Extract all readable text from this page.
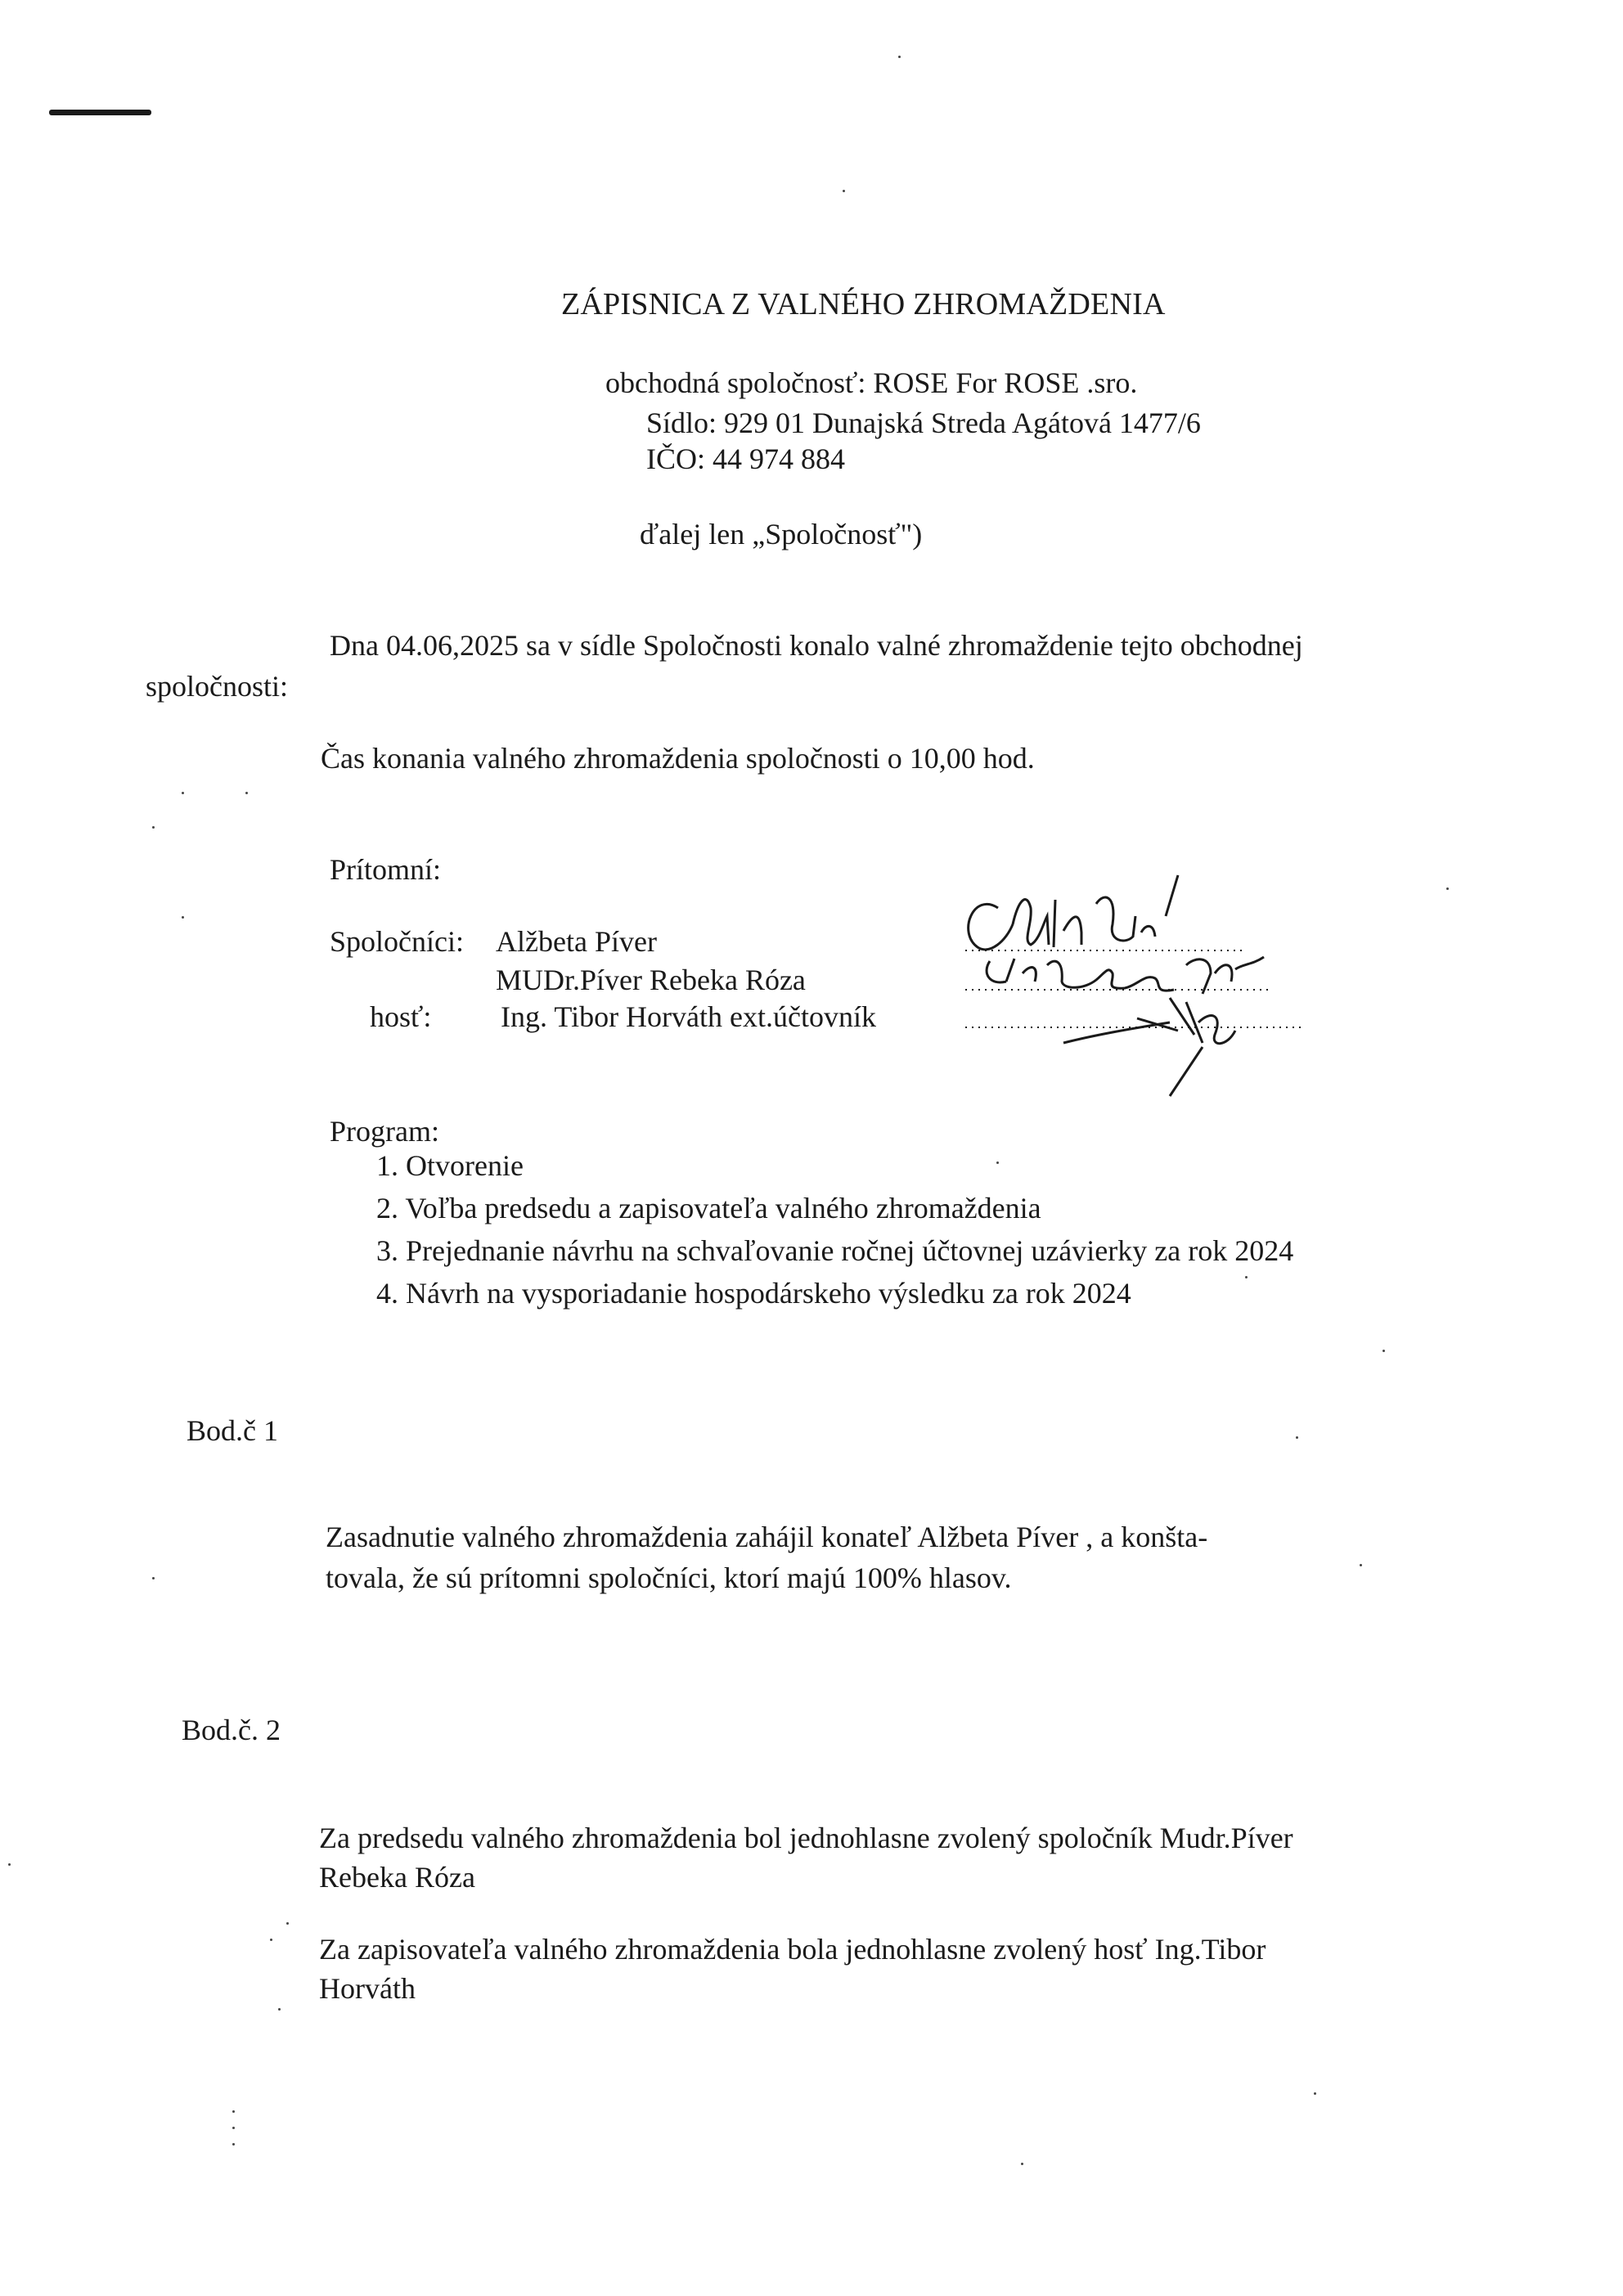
ZÁPISNICA Z VALNÉHO ZHROMAŽDENIA
obchodná spoločnosť: ROSE For ROSE .sro.
Sídlo: 929 01 Dunajská Streda Agátová 1477/6
IČO: 44 974 884
ďalej len „Spoločnosť")
Dna 04.06,2025 sa v sídle Spoločnosti konalo valné zhromaždenie tejto obchodnej
spoločnosti:
Čas konania valného zhromaždenia spoločnosti o 10,00 hod.
Prítomní:
Spoločníci: Alžbeta Píver
MUDr.Píver Rebeka Róza
hosť: Ing. Tibor Horváth ext.účtovník
Program:
1. Otvorenie
2. Voľba predsedu a zapisovateľa valného zhromaždenia
3. Prejednanie návrhu na schvaľovanie ročnej účtovnej uzávierky za rok 2024
4. Návrh na vysporiadanie hospodárskeho výsledku za rok 2024
Bod.č 1
Zasadnutie valného zhromaždenia zahájil konateľ Alžbeta Píver , a konšta-
tovala, že sú prítomni spoločníci, ktorí majú 100% hlasov.
Bod.č. 2
Za predsedu valného zhromaždenia bol jednohlasne zvolený spoločník Mudr.Píver
Rebeka Róza
Za zapisovateľa valného zhromaždenia bola jednohlasne zvolený hosť Ing.Tibor
Horváth
